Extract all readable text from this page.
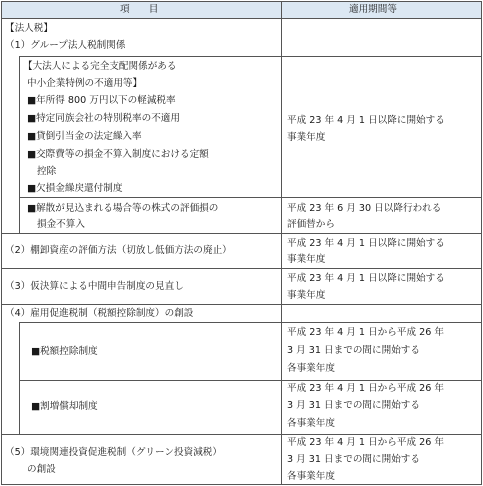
項　　目	適用期間等
【法人税】
（1）グループ法人税制関係
【大法人による完全支配関係がある
中小企業特例の不適用等】
■年所得 800 万円以下の軽減税率
■特定同族会社の特別税率の不適用
■貸倒引当金の法定繰入率
■交際費等の損金不算入制度における定額
控除
■欠損金繰戻還付制度
平成 23 年 4 月 1 日以降に開始する
事業年度
■解散が見込まれる場合等の株式の評価損の
損金不算入
平成 23 年 6 月 30 日以降行われる
評価替から
（2）棚卸資産の評価方法（切放し低価方法の廃止）
平成 23 年 4 月 1 日以降に開始する
事業年度
（3）仮決算による中間申告制度の見直し
平成 23 年 4 月 1 日以降に開始する
事業年度
（4）雇用促進税制（税額控除制度）の創設
■税額控除制度
平成 23 年 4 月 1 日から平成 26 年
3 月 31 日までの間に開始する
各事業年度
■割増償却制度
平成 23 年 4 月 1 日から平成 26 年
3 月 31 日までの間に開始する
各事業年度
（5）環境関連投資促進税制（グリーン投資減税）
の創設
平成 23 年 4 月 1 日から平成 26 年
3 月 31 日までの間に開始する
各事業年度
